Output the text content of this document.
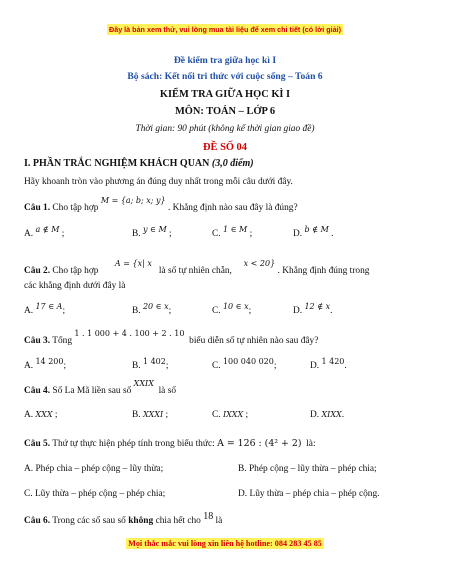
Đây là bản xem thử, vui lòng mua tài liệu để xem chi tiết (có lời giải)
Đề kiểm tra giữa học kì I
Bộ sách: Kết nối tri thức với cuộc sống – Toán 6
KIỂM TRA GIỮA HỌC KÌ I
MÔN: TOÁN – LỚP 6
Thời gian: 90 phút (không kể thời gian giao đề)
ĐỀ SỐ 04
I. PHẦN TRẮC NGHIỆM KHÁCH QUAN (3,0 điểm)
Hãy khoanh tròn vào phương án đúng duy nhất trong mỗi câu dưới đây.
Câu 1. Cho tập hợp M = {a; b; x; y} . Khẳng định nào sau đây là đúng?
A. a ∉ M ;	B. y ∈ M ;	C. 1 ∈ M ;	D. b ∉ M .
Câu 2. Cho tập hợp       A = {x| x   là số tự nhiên chẵn,     x < 20} . Khẳng định đúng trong
các khẳng định dưới đây là
A. 17 ∈ A;	B. 20 ∈ x;	C. 10 ∈ x;	D. 12 ∉ x.
Câu 3. Tổng 1 . 1 000 + 4 . 100 + 2 . 10  biểu diễn số tự nhiên nào sau đây?
A. 14 200;	B. 1 402;	C. 100 040 020;	D. 1 420.
Câu 4. Số La Mã liền sau số XXIX  là số
A. XXX ;	B. XXXI ;	C. IXXX ;	D. XIXX.
Câu 5. Thứ tự thực hiện phép tính trong biểu thức: A = 126 : (4² + 2) là:
A. Phép chia – phép cộng – lũy thừa;	B. Phép cộng – lũy thừa – phép chia;
C. Lũy thừa – phép cộng – phép chia;	D. Lũy thừa – phép chia – phép cộng.
Câu 6. Trong các số sau số không chia hết cho 18 là
Mọi thắc mắc vui lòng xin liên hệ hotline: 084 283 45 85
